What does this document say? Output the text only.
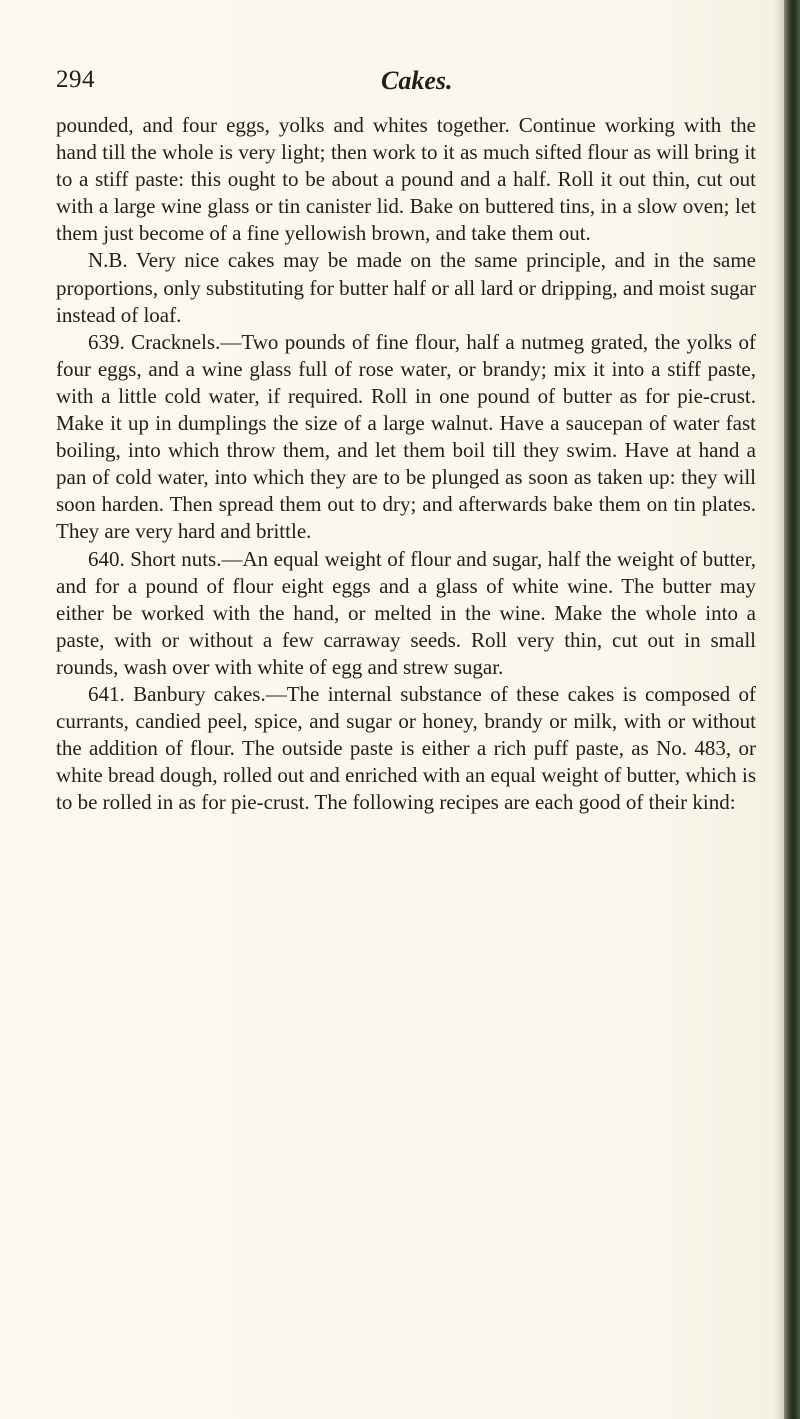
294	Cakes.

pounded, and four eggs, yolks and whites together. Continue working with the hand till the whole is very light; then work to it as much sifted flour as will bring it to a stiff paste: this ought to be about a pound and a half. Roll it out thin, cut out with a large wine glass or tin canister lid. Bake on buttered tins, in a slow oven; let them just become of a fine yellowish brown, and take them out.

N.B. Very nice cakes may be made on the same principle, and in the same proportions, only substituting for butter half or all lard or dripping, and moist sugar instead of loaf.

639. Cracknels.—Two pounds of fine flour, half a nutmeg grated, the yolks of four eggs, and a wine glass full of rose water, or brandy; mix it into a stiff paste, with a little cold water, if required. Roll in one pound of butter as for pie-crust. Make it up in dumplings the size of a large walnut. Have a saucepan of water fast boiling, into which throw them, and let them boil till they swim. Have at hand a pan of cold water, into which they are to be plunged as soon as taken up: they will soon harden. Then spread them out to dry; and afterwards bake them on tin plates. They are very hard and brittle.

640. Short nuts.—An equal weight of flour and sugar, half the weight of butter, and for a pound of flour eight eggs and a glass of white wine. The butter may either be worked with the hand, or melted in the wine. Make the whole into a paste, with or without a few carraway seeds. Roll very thin, cut out in small rounds, wash over with white of egg and strew sugar.

641. Banbury cakes.—The internal substance of these cakes is composed of currants, candied peel, spice, and sugar or honey, brandy or milk, with or without the addition of flour. The outside paste is either a rich puff paste, as No. 483, or white bread dough, rolled out and enriched with an equal weight of butter, which is to be rolled in as for pie-crust. The following recipes are each good of their kind:
